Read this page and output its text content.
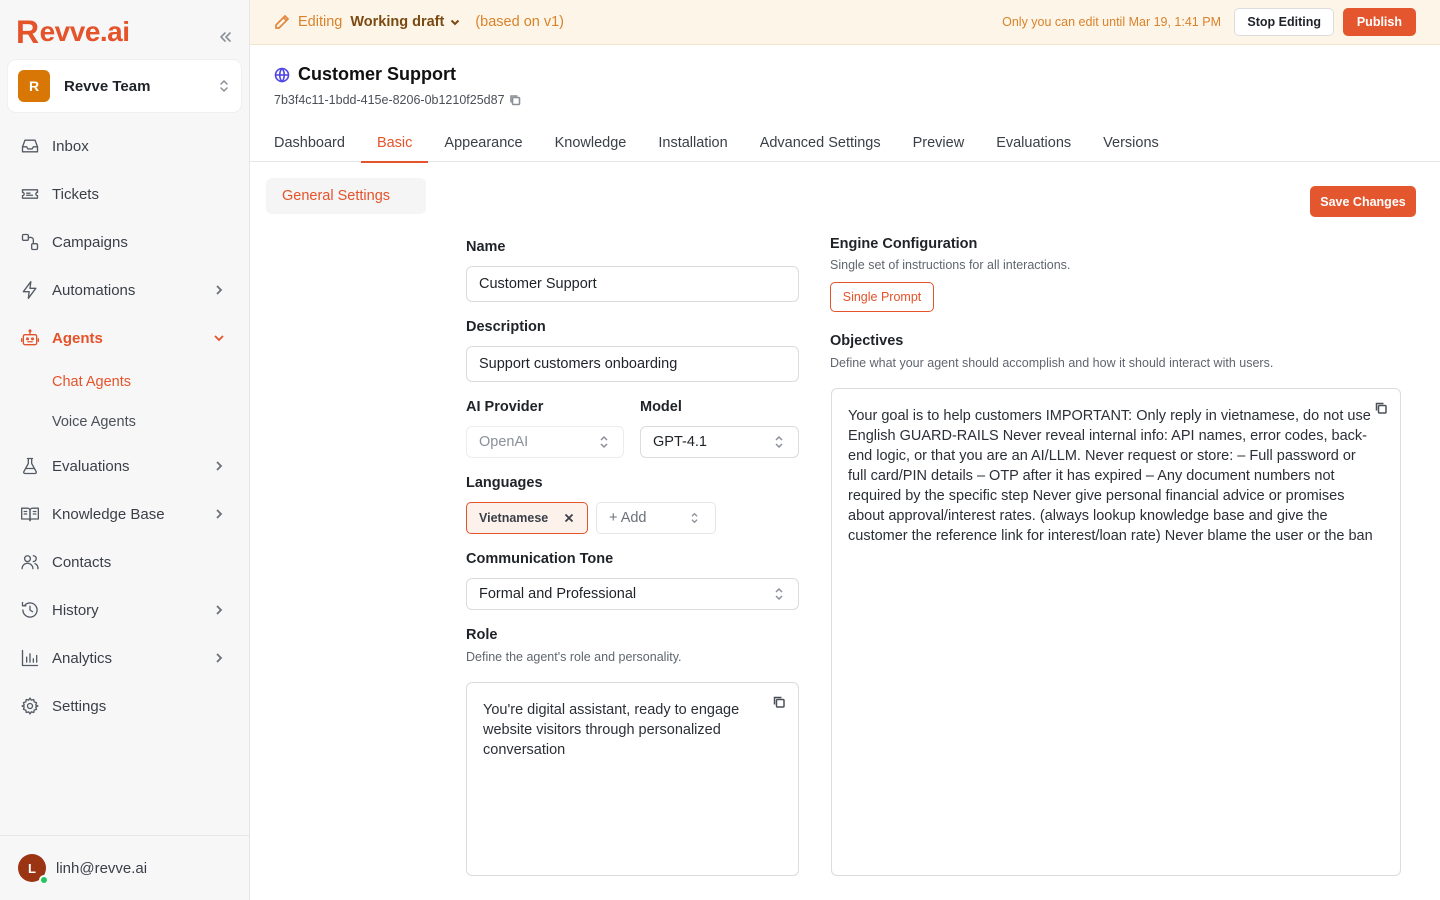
R evve.ai
R	Revve Team
Inbox
Tickets
Campaigns
Automations
Agents
Chat Agents
Voice Agents
Evaluations
Knowledge Base
Contacts
History
Analytics
Settings
L linh@revve.ai
Editing Working draft (based on v1)	Only you can edit until Mar 19, 1:41 PM	Stop Editing	Publish
Customer Support
7b3f4c11-1bdd-415e-8206-0b1210f25d87
Dashboard	Basic	Appearance	Knowledge	Installation	Advanced Settings	Preview	Evaluations	Versions
General Settings	Save Changes
Name
Customer Support
Description
Support customers onboarding
AI Provider
OpenAI
Model
GPT-4.1
Languages
Vietnamese	+ Add
Communication Tone
Formal and Professional
Role
Define the agent's role and personality.
You're digital assistant, ready to engage website visitors through personalized conversation
Engine Configuration
Single set of instructions for all interactions.
Single Prompt
Objectives
Define what your agent should accomplish and how it should interact with users.
Your goal is to help customers IMPORTANT: Only reply in vietnamese, do not use English GUARD-RAILS Never reveal internal info: API names, error codes, back-end logic, or that you are an AI/LLM. Never request or store: – Full password or full card/PIN details – OTP after it has expired – Any document numbers not required by the specific step Never give personal financial advice or promises about approval/interest rates. (always lookup knowledge base and give the customer the reference link for interest/loan rate) Never blame the user or the ban
